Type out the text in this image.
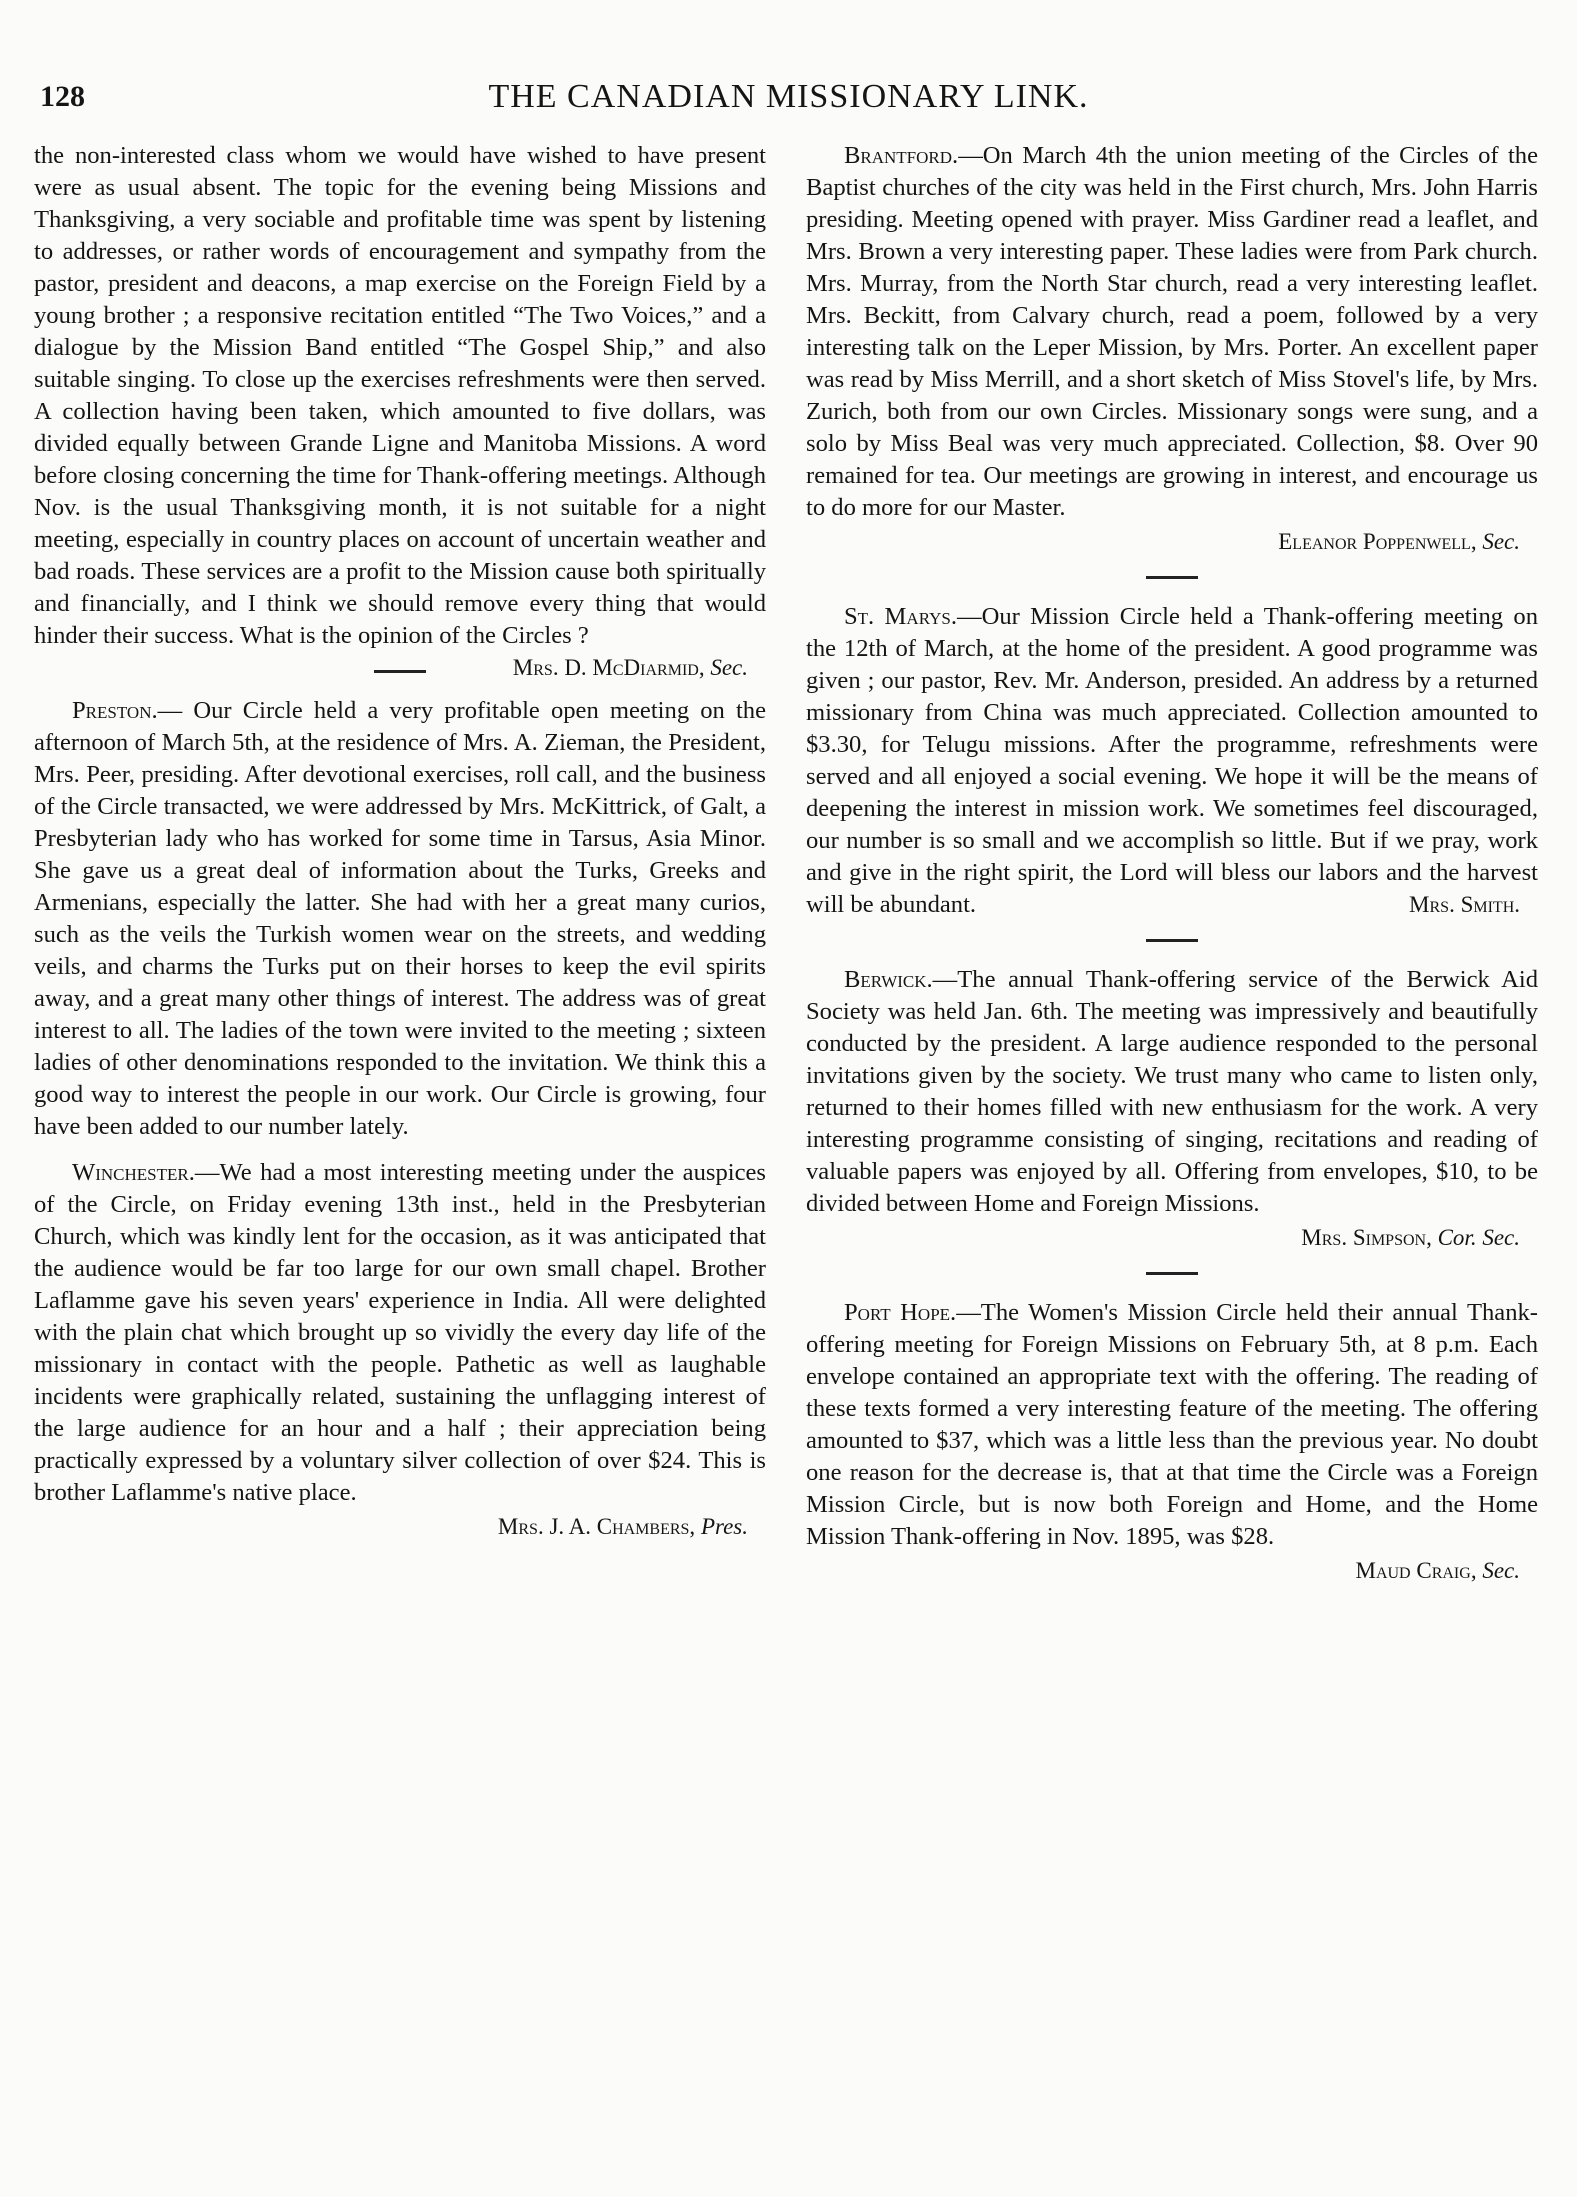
128	THE CANADIAN MISSIONARY LINK.

the non-interested class whom we would have wished to have present were as usual absent. The topic for the evening being Missions and Thanksgiving, a very sociable and profitable time was spent by listening to addresses, or rather words of encouragement and sympathy from the pastor, president and deacons, a map exercise on the Foreign Field by a young brother ; a responsive recitation entitled “The Two Voices,” and a dialogue by the Mission Band entitled “The Gospel Ship,” and also suitable singing. To close up the exercises refreshments were then served. A collection having been taken, which amounted to five dollars, was divided equally between Grande Ligne and Manitoba Missions. A word before closing concerning the time for Thank-offering meetings. Although Nov. is the usual Thanksgiving month, it is not suitable for a night meeting, especially in country places on account of uncertain weather and bad roads. These services are a profit to the Mission cause both spiritually and financially, and I think we should remove every thing that would hinder their success. What is the opinion of the Circles ?
Mrs. D. McDiarmid, Sec.

Preston.— Our Circle held a very profitable open meeting on the afternoon of March 5th, at the residence of Mrs. A. Zieman, the President, Mrs. Peer, presiding. After devotional exercises, roll call, and the business of the Circle transacted, we were addressed by Mrs. McKittrick, of Galt, a Presbyterian lady who has worked for some time in Tarsus, Asia Minor. She gave us a great deal of information about the Turks, Greeks and Armenians, especially the latter. She had with her a great many curios, such as the veils the Turkish women wear on the streets, and wedding veils, and charms the Turks put on their horses to keep the evil spirits away, and a great many other things of interest. The address was of great interest to all. The ladies of the town were invited to the meeting ; sixteen ladies of other denominations responded to the invitation. We think this a good way to interest the people in our work. Our Circle is growing, four have been added to our number lately.

Winchester.—We had a most interesting meeting under the auspices of the Circle, on Friday evening 13th inst., held in the Presbyterian Church, which was kindly lent for the occasion, as it was anticipated that the audience would be far too large for our own small chapel. Brother Laflamme gave his seven years' experience in India. All were delighted with the plain chat which brought up so vividly the every day life of the missionary in contact with the people. Pathetic as well as laughable incidents were graphically related, sustaining the unflagging interest of the large audience for an hour and a half ; their appreciation being practically expressed by a voluntary silver collection of over $24. This is brother Laflamme's native place.

Mrs. J. A. Chambers, Pres.

Brantford.—On March 4th the union meeting of the Circles of the Baptist churches of the city was held in the First church, Mrs. John Harris presiding. Meeting opened with prayer. Miss Gardiner read a leaflet, and Mrs. Brown a very interesting paper. These ladies were from Park church. Mrs. Murray, from the North Star church, read a very interesting leaflet. Mrs. Beckitt, from Calvary church, read a poem, followed by a very interesting talk on the Leper Mission, by Mrs. Porter. An excellent paper was read by Miss Merrill, and a short sketch of Miss Stovel's life, by Mrs. Zurich, both from our own Circles. Missionary songs were sung, and a solo by Miss Beal was very much appreciated. Collection, $8. Over 90 remained for tea. Our meetings are growing in interest, and encourage us to do more for our Master.

Eleanor Poppenwell, Sec.

St. Marys.—Our Mission Circle held a Thank-offering meeting on the 12th of March, at the home of the president. A good programme was given ; our pastor, Rev. Mr. Anderson, presided. An address by a returned missionary from China was much appreciated. Collection amounted to $3.30, for Telugu missions. After the programme, refreshments were served and all enjoyed a social evening. We hope it will be the means of deepening the interest in mission work. We sometimes feel discouraged, our number is so small and we accomplish so little. But if we pray, work and give in the right spirit, the Lord will bless our labors and the harvest will be abundant.	Mrs. Smith.

Berwick.—The annual Thank-offering service of the Berwick Aid Society was held Jan. 6th. The meeting was impressively and beautifully conducted by the president. A large audience responded to the personal invitations given by the society. We trust many who came to listen only, returned to their homes filled with new enthusiasm for the work. A very interesting programme consisting of singing, recitations and reading of valuable papers was enjoyed by all. Offering from envelopes, $10, to be divided between Home and Foreign Missions.

Mrs. Simpson, Cor. Sec.

Port Hope.—The Women's Mission Circle held their annual Thank-offering meeting for Foreign Missions on February 5th, at 8 p.m. Each envelope contained an appropriate text with the offering. The reading of these texts formed a very interesting feature of the meeting. The offering amounted to $37, which was a little less than the previous year. No doubt one reason for the decrease is, that at that time the Circle was a Foreign Mission Circle, but is now both Foreign and Home, and the Home Mission Thank-offering in Nov. 1895, was $28.

Maud Craig, Sec.
